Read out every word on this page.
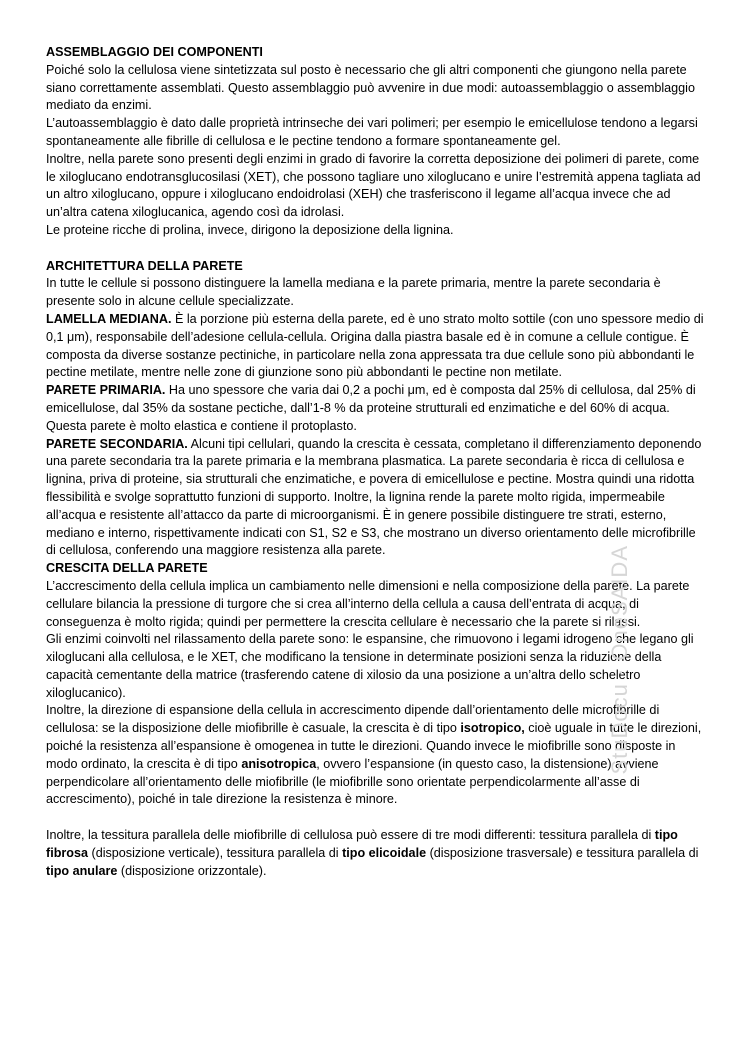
ASSEMBLAGGIO DEI COMPONENTI

Poiché solo la cellulosa viene sintetizzata sul posto è necessario che gli altri componenti che giungono nella parete siano correttamente assemblati. Questo assemblaggio può avvenire in due modi: autoassemblaggio o assemblaggio mediato da enzimi.

L’autoassemblaggio è dato dalle proprietà intrinseche dei vari polimeri; per esempio le emicellulose tendono a legarsi spontaneamente alle fibrille di cellulosa e le pectine tendono a formare spontaneamente gel.

Inoltre, nella parete sono presenti degli enzimi in grado di favorire la corretta deposizione dei polimeri di parete, come le xiloglucano endotransglucosilasi (XET), che possono tagliare uno xiloglucano e unire l’estremità appena tagliata ad un altro xiloglucano, oppure i xiloglucano endoidrolasi (XEH) che trasferiscono il legame all’acqua invece che ad un’altra catena xiloglucanica, agendo così da idrolasi.

Le proteine ricche di prolina, invece, dirigono la deposizione della lignina.

ARCHITETTURA DELLA PARETE

In tutte le cellule si possono distinguere la lamella mediana e la parete primaria, mentre la parete secondaria è presente solo in alcune cellule specializzate.

LAMELLA MEDIANA. È la porzione più esterna della parete, ed è uno strato molto sottile (con uno spessore medio di 0,1 μm), responsabile dell’adesione cellula-cellula. Origina dalla piastra basale ed è in comune a cellule contigue. È composta da diverse sostanze pectiniche, in particolare nella zona appressata tra due cellule sono più abbondanti le pectine metilate, mentre nelle zone di giunzione sono più abbondanti le pectine non metilate.

PARETE PRIMARIA. Ha uno spessore che varia dai 0,2 a pochi μm, ed è composta dal 25% di cellulosa, dal 25% di emicellulose, dal 35% da sostane pectiche, dall’1-8 % da proteine strutturali ed enzimatiche e del 60% di acqua. Questa parete è molto elastica e contiene il protoplasto.

PARETE SECONDARIA. Alcuni tipi cellulari, quando la crescita è cessata, completano il differenziamento deponendo una parete secondaria tra la parete primaria e la membrana plasmatica. La parete secondaria è ricca di cellulosa e lignina, priva di proteine, sia strutturali che enzimatiche, e povera di emicellulose e pectine. Mostra quindi una ridotta flessibilità e svolge soprattutto funzioni di supporto. Inoltre, la lignina rende la parete molto rigida, impermeabile all’acqua e resistente all’attacco da parte di microorganismi. È in genere possibile distinguere tre strati, esterno, mediano e interno, rispettivamente indicati con S1, S2 e S3, che mostrano un diverso orientamento delle microfibrille di cellulosa, conferendo una maggiore resistenza alla parete.

CRESCITA DELLA PARETE

L’accrescimento della cellula implica un cambiamento nelle dimensioni e nella composizione della parete. La parete cellulare bilancia la pressione di turgore che si crea all’interno della cellula a causa dell’entrata di acqua, di conseguenza è molto rigida; quindi per permettere la crescita cellulare è necessario che la parete si rilassi.

Gli enzimi coinvolti nel rilassamento della parete sono: le espansine, che rimuovono i legami idrogeno che legano gli xiloglucani alla cellulosa, e le XET, che modificano la tensione in determinate posizioni senza la riduzione della capacità cementante della matrice (trasferendo catene di xilosio da una posizione a un’altra dello scheletro xiloglucanico).

Inoltre, la direzione di espansione della cellula in accrescimento dipende dall’orientamento delle microfibrille di cellulosa: se la disposizione delle miofibrille è casuale, la crescita è di tipo isotropico, cioè uguale in tutte le direzioni, poiché la resistenza all’espansione è omogenea in tutte le direzioni. Quando invece le miofibrille sono disposte in modo ordinato, la crescita è di tipo anisotropica, ovvero l’espansione (in questo caso, la distensione) avviene perpendicolare all’orientamento delle miofibrille (le miofibrille sono orientate perpendicolarmente all’asse di accrescimento), poiché in tale direzione la resistenza è minore.

Inoltre, la tessitura parallela delle miofibrille di cellulosa può essere di tre modi differenti: tessitura parallela di tipo fibrosa (disposizione verticale), tessitura parallela di tipo elicoidale (disposizione trasversale) e tessitura parallela di tipo anulare (disposizione orizzontale).

StuDocu · OneSAIDA
